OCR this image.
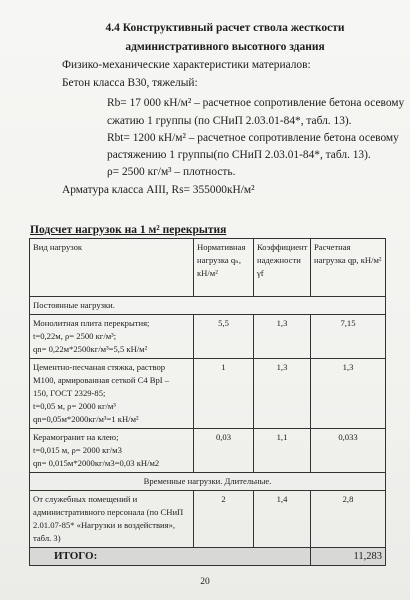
4.4 Конструктивный расчет ствола жесткости
административного высотного здания
Физико-механические характеристики материалов:
Бетон класса В30, тяжелый:
Rb= 17 000 кН/м² – расчетное сопротивление бетона осевому
сжатию 1 группы (по СНиП 2.03.01-84*, табл. 13).
Rbt= 1200 кН/м² – расчетное сопротивление бетона осевому
растяжению 1 группы(по СНиП 2.03.01-84*, табл. 13).
ρ= 2500 кг/м³ – плотность.
Арматура класса AIII, Rs= 355000кН/м²
Подсчет нагрузок на 1 м² перекрытия
Вид нагрузок	Нормативная нагрузка qₙ, кН/м²	Коэффициент надежности γf	Расчетная нагрузка qр, кН/м²
Постоянные нагрузки.			

Монолитная плита перекрытия;
t=0,22м, ρ= 2500 кг/м³;
qn= 0,22м*2500кг/м³=5,5 кН/м²	5,5	1,3	7,15

Цементно-песчаная стяжка, раствор
М100, армированная сеткой С4 ВрI –
150, ГОСТ 2329-85;
t=0,05 м, ρ= 2000 кг/м³
qn=0,05м*2000кг/м³=1 кН/м²	1	1,3	1,3

Керамогранит на клею;
t=0,015 м, ρ= 2000 кг/м3
qn= 0,015м*2000кг/м3=0,03 кН/м2	0,03	1,1	0,033
Временные нагрузки. Длительные.			

От служебных помещений и
административного персонала (по СНиП
2.01.07-85* «Нагрузки и воздействия»,
табл. 3)	2	1,4	2,8
ИТОГО:			11,283
20
